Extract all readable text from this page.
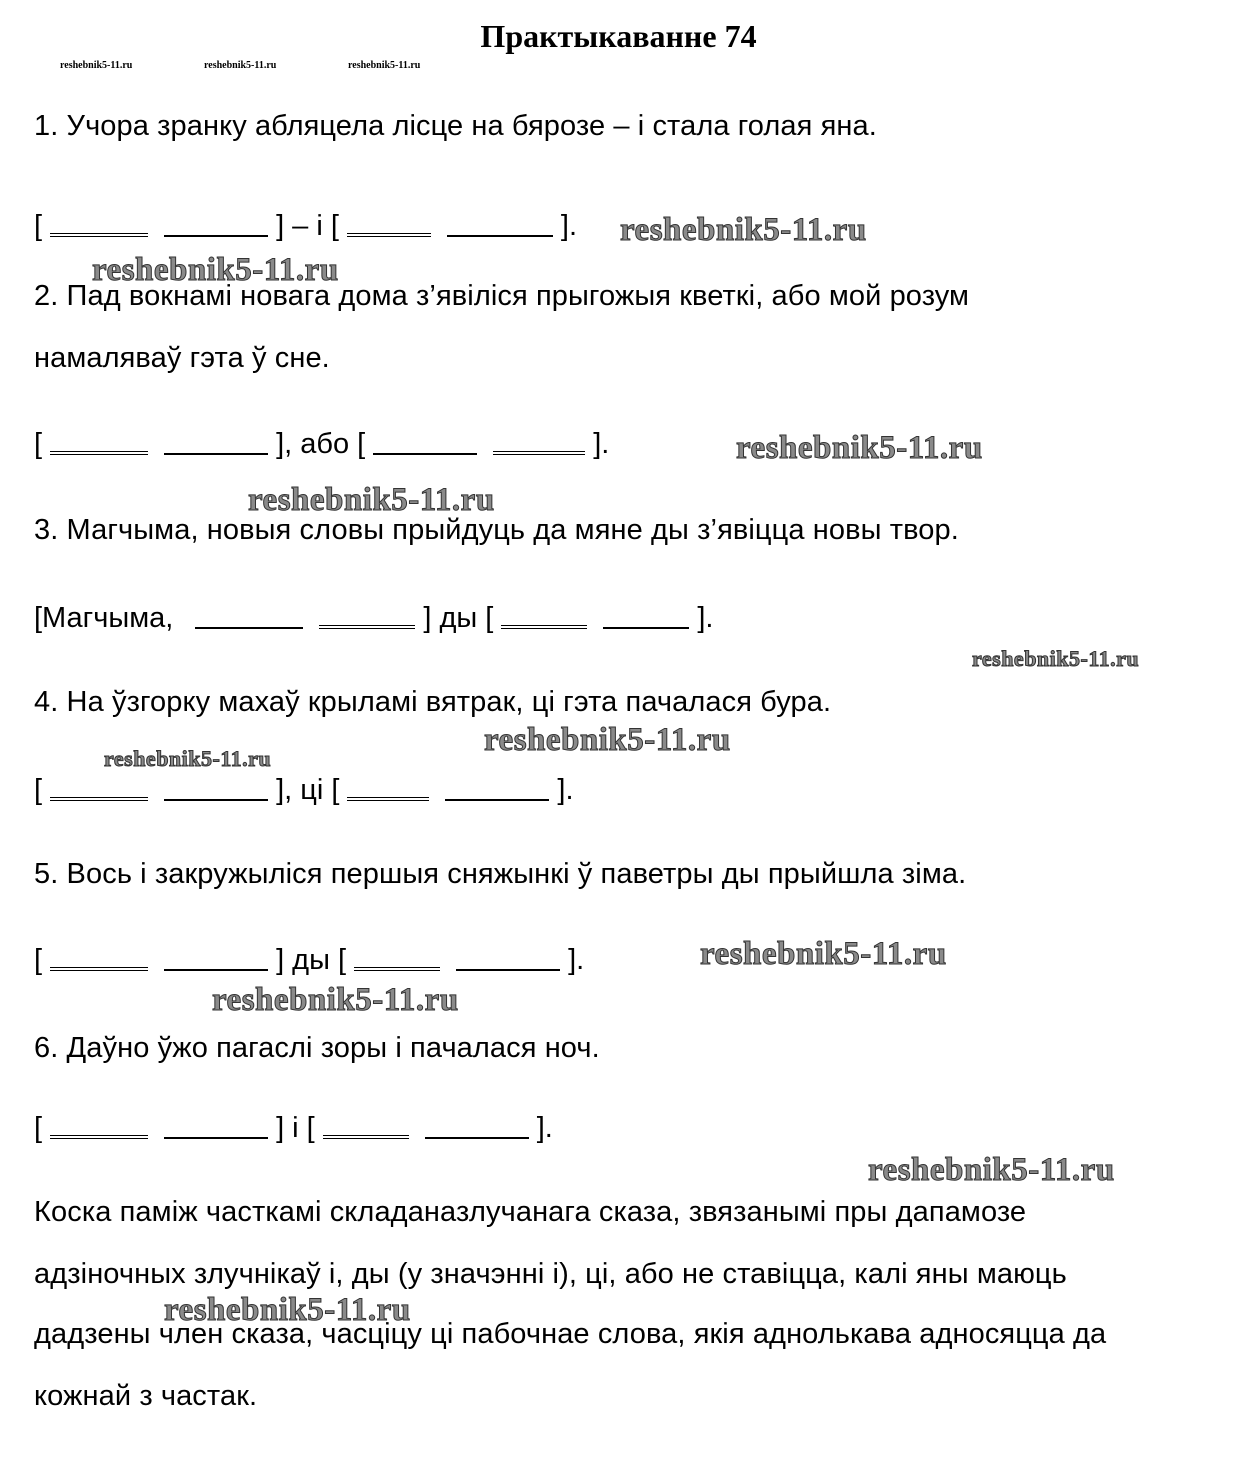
Практыкаванне 74
reshebnik5-11.ru	reshebnik5-11.ru	reshebnik5-11.ru
1. Учора зранку абляцела лісце на бярозе – і стала голая яна.
[	] – і [	].
2. Пад вокнамі новага дома з’явіліся прыгожыя кветкі, або мой розум
намаляваў гэта ў сне.
[	], або [	].
3. Магчыма, новыя словы прыйдуць да мяне ды з’явіцца новы твор.
[Магчыма,	] ды [	].
4. На ўзгорку махаў крыламі вятрак, ці гэта пачалася бура.
[	], ці [	].
5. Вось і закружыліся першыя сняжынкі ў паветры ды прыйшла зіма.
[	] ды [	].
6. Даўно ўжо пагаслі зоры і пачалася ноч.
[	] і [	].
Коска паміж часткамі складаназлучанага сказа, звязанымі пры дапамозе
адзіночных злучнікаў і, ды (у значэнні і), ці, або не ставіцца, калі яны маюць
дадзены член сказа, часціцу ці пабочнае слова, якія аднолькава адносяцца да
кожнай з частак.
reshebnik5-11.ru
reshebnik5-11.ru
reshebnik5-11.ru
reshebnik5-11.ru
reshebnik5-11.ru
reshebnik5-11.ru
reshebnik5-11.ru
reshebnik5-11.ru
reshebnik5-11.ru
reshebnik5-11.ru
reshebnik5-11.ru
